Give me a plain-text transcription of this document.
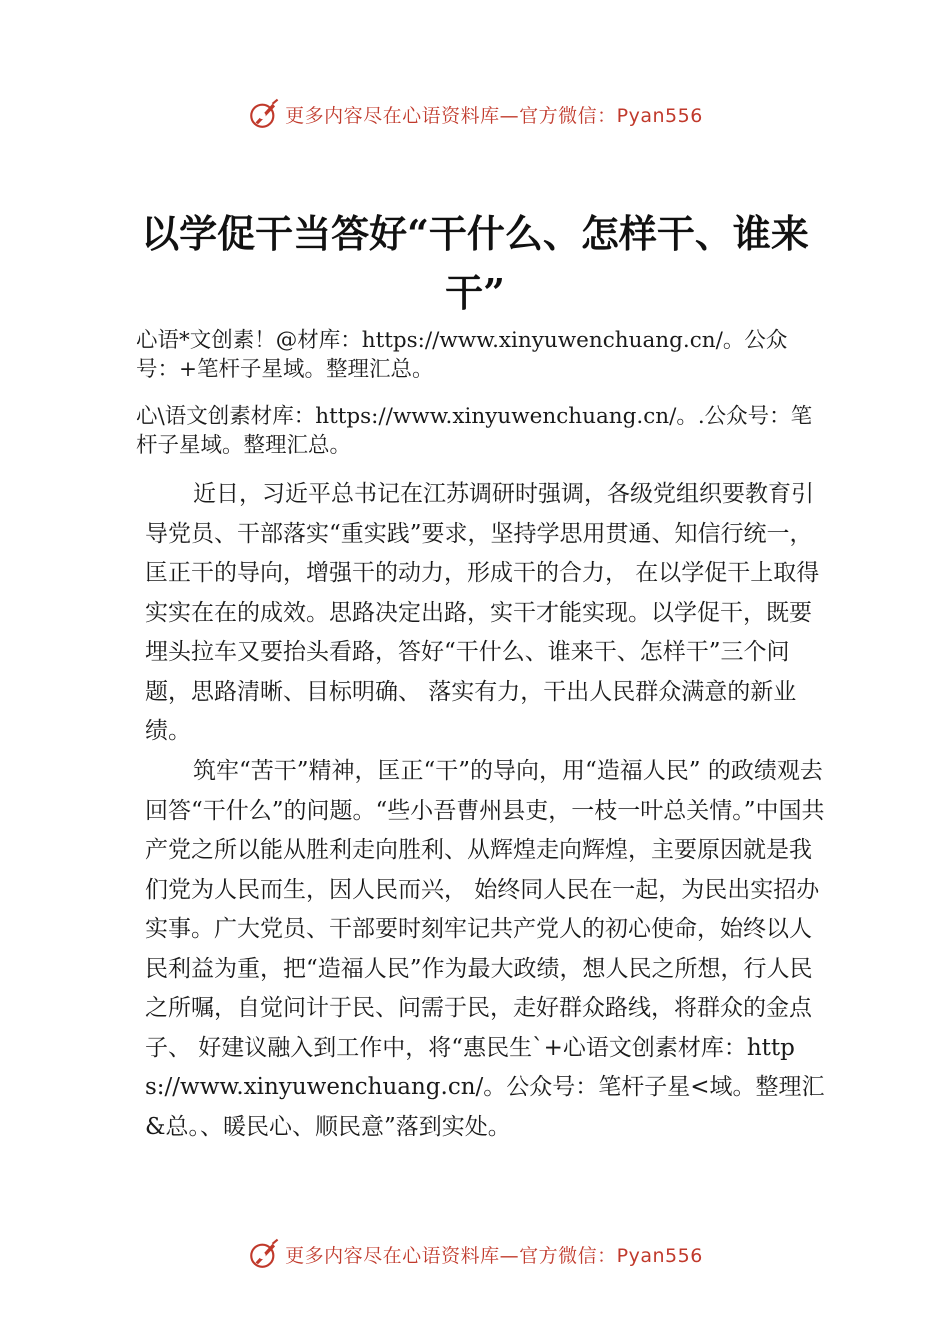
更多内容尽在心语资料库—官方微信：Pyan556
以学促干当答好“干什么、怎样干、谁来
干”

心语*文创素！@材库：https://www.xinyuwenchuang.cn/。公众号：+笔杆子星域。整理汇总。

心\语文创素材库：https://www.xinyuwenchuang.cn/。.公众号：笔杆子星域。整理汇总。

近日，习近平总书记在江苏调研时强调，各级党组织要教育引导党员、干部落实“重实践”要求，坚持学思用贯通、知信行统一，匡正干的导向，增强干的动力，形成干的合力， 在以学促干上取得实实在在的成效。思路决定出路，实干才能实现。以学促干，既要埋头拉车又要抬头看路，答好“干什么、谁来干、怎样干”三个问题，思路清晰、目标明确、 落实有力，干出人民群众满意的新业绩。

筑牢“苦干”精神，匡正“干”的导向，用“造福人民” 的政绩观去回答“干什么”的问题。“些小吾曹州县吏，一枝一叶总关情。”中国共产党之所以能从胜利走向胜利、从辉煌走向辉煌，主要原因就是我们党为人民而生，因人民而兴， 始终同人民在一起，为民出实招办实事。广大党员、干部要时刻牢记共产党人的初心使命，始终以人民利益为重，把“造福人民”作为最大政绩，想人民之所想，行人民之所嘱，自觉问计于民、问需于民，走好群众路线，将群众的金点子、 好建议融入到工作中，将“惠民生`+心语文创素材库：https://www.xinyuwenchuang.cn/。公众号：笔杆子星<域。整理汇&总。、暖民心、顺民意”落到实处。

更多内容尽在心语资料库—官方微信：Pyan556
